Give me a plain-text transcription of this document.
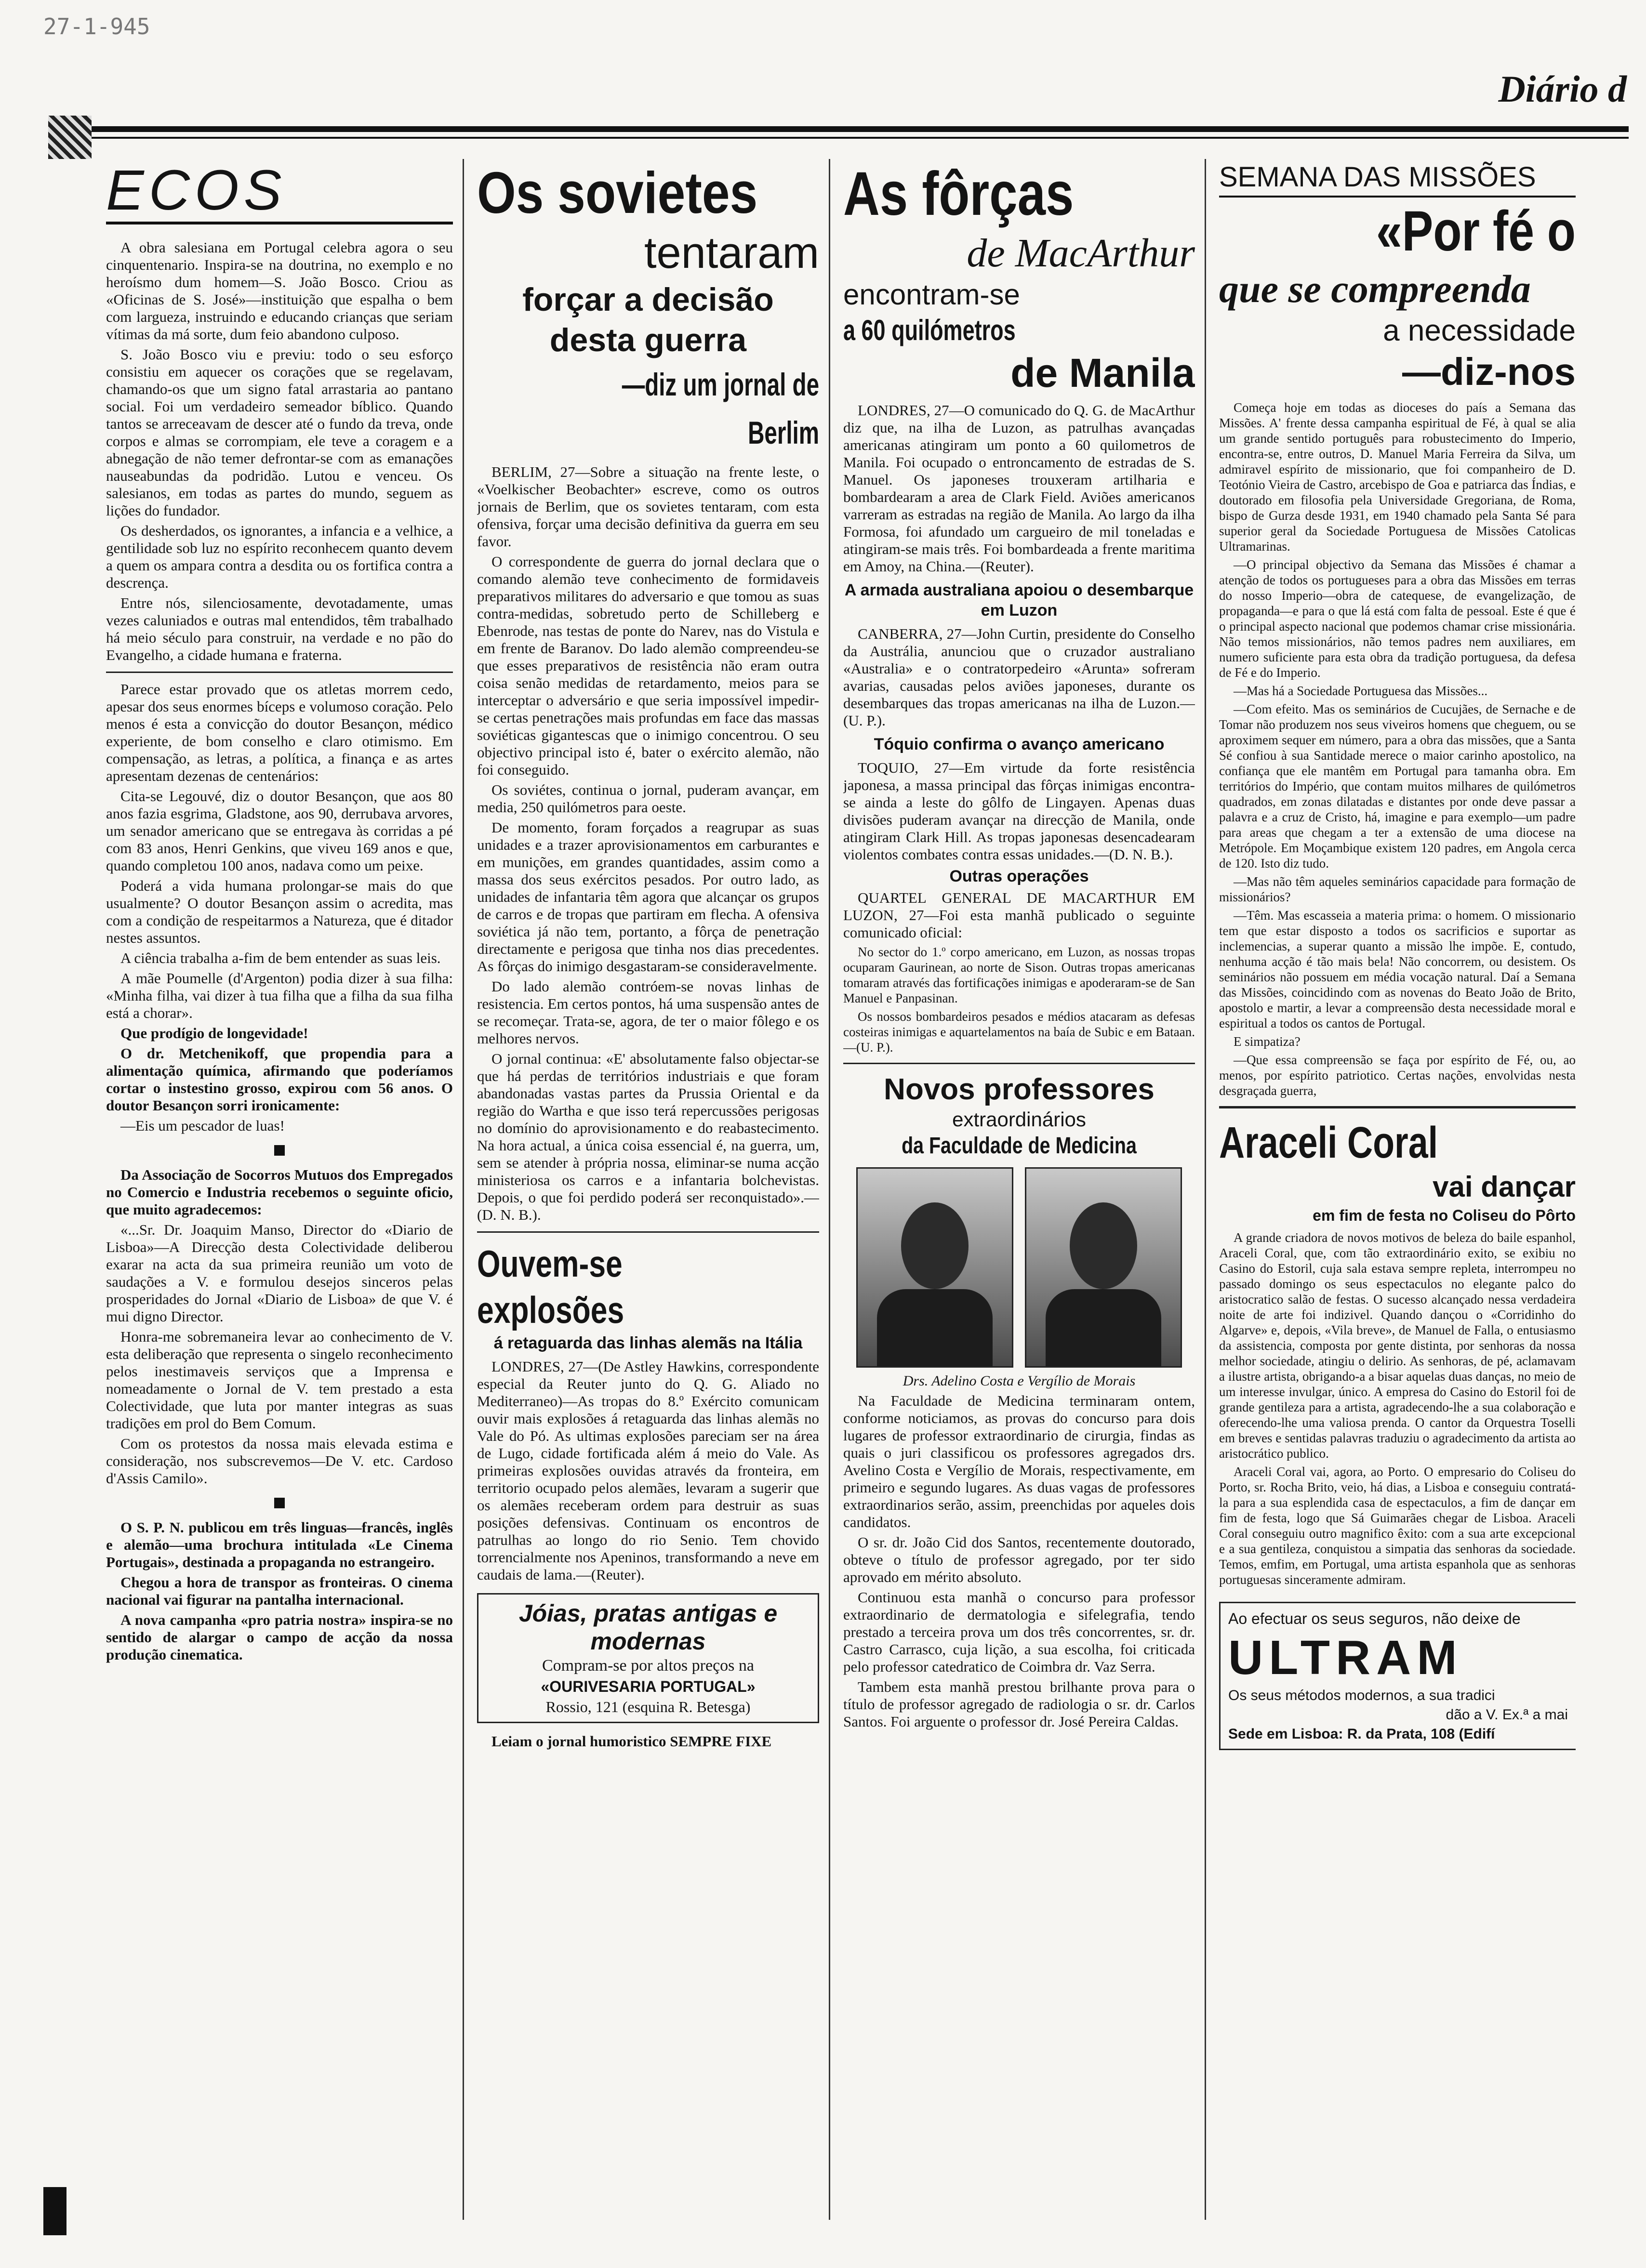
27-1-945
Diário d
ECOS

A obra salesiana em Portugal celebra agora o seu cinquentenario. Inspira-se na doutrina, no exemplo e no heroísmo dum homem—S. João Bosco. Criou as «Oficinas de S. José»—instituição que espalha o bem com largueza, instruindo e educando crianças que seriam vítimas da má sorte, dum feio abandono culposo.

S. João Bosco viu e previu: todo o seu esforço consistiu em aquecer os corações que se regelavam, chamando-os que um signo fatal arrastaria ao pantano social. Foi um verdadeiro semeador bíblico. Quando tantos se arreceavam de descer até o fundo da treva, onde corpos e almas se corrompiam, ele teve a coragem e a abnegação de não temer defrontar-se com as emanações nauseabundas da podridão. Lutou e venceu. Os salesianos, em todas as partes do mundo, seguem as lições do fundador.

Os desherdados, os ignorantes, a infancia e a velhice, a gentilidade sob luz no espírito reconhecem quanto devem a quem os ampara contra a desdita ou os fortifica contra a descrença.

Entre nós, silenciosamente, devotadamente, umas vezes caluniados e outras mal entendidos, têm trabalhado há meio século para construir, na verdade e no pão do Evangelho, a cidade humana e fraterna.

Parece estar provado que os atletas morrem cedo, apesar dos seus enormes bíceps e volumoso coração. Pelo menos é esta a convicção do doutor Besançon, médico experiente, de bom conselho e claro otimismo. Em compensação, as letras, a política, a finança e as artes apresentam dezenas de centenários:

Cita-se Legouvé, diz o doutor Besançon, que aos 80 anos fazia esgrima, Gladstone, aos 90, derrubava arvores, um senador americano que se entregava às corridas a pé com 83 anos, Henri Genkins, que viveu 169 anos e que, quando completou 100 anos, nadava como um peixe.

Poderá a vida humana prolongar-se mais do que usualmente? O doutor Besançon assim o acredita, mas com a condição de respeitarmos a Natureza, que é ditador nestes assuntos.

A ciência trabalha a-fim de bem entender as suas leis.

A mãe Poumelle (d'Argenton) podia dizer à sua filha: «Minha filha, vai dizer à tua filha que a filha da sua filha está a chorar».

Que prodígio de longevidade!

O dr. Metchenikoff, que propendia para a alimentação química, afirmando que poderíamos cortar o instestino grosso, expirou com 56 anos. O doutor Besançon sorri ironicamente:

—Eis um pescador de luas!

Da Associação de Socorros Mutuos dos Empregados no Comercio e Industria recebemos o seguinte oficio, que muito agradecemos:

«...Sr. Dr. Joaquim Manso, Director do «Diario de Lisboa»—A Direcção desta Colectividade deliberou exarar na acta da sua primeira reunião um voto de saudações a V. e formulou desejos sinceros pelas prosperidades do Jornal «Diario de Lisboa» de que V. é mui digno Director.

Honra-me sobremaneira levar ao conhecimento de V. esta deliberação que representa o singelo reconhecimento pelos inestimaveis serviços que a Imprensa e nomeadamente o Jornal de V. tem prestado a esta Colectividade, que luta por manter integras as suas tradições em prol do Bem Comum.

Com os protestos da nossa mais elevada estima e consideração, nos subscrevemos—De V. etc. Cardoso d'Assis Camilo».

O S. P. N. publicou em três linguas—francês, inglês e alemão—uma brochura intitulada «Le Cinema Portugais», destinada a propaganda no estrangeiro.

Chegou a hora de transpor as fronteiras. O cinema nacional vai figurar na pantalha internacional.

A nova campanha «pro patria nostra» inspira-se no sentido de alargar o campo de acção da nossa produção cinematica.

Os sovietes
tentaram
forçar a decisão
desta guerra
—diz um jornal de Berlim

BERLIM, 27—Sobre a situação na frente leste, o «Voelkischer Beobachter» escreve, como os outros jornais de Berlim, que os sovietes tentaram, com esta ofensiva, forçar uma decisão definitiva da guerra em seu favor.

O correspondente de guerra do jornal declara que o comando alemão teve conhecimento de formidaveis preparativos militares do adversario e que tomou as suas contra-medidas, sobretudo perto de Schilleberg e Ebenrode, nas testas de ponte do Narev, nas do Vistula e em frente de Baranov. Do lado alemão compreendeu-se que esses preparativos de resistência não eram outra coisa senão medidas de retardamento, meios para se interceptar o adversário e que seria impossível impedir-se certas penetrações mais profundas em face das massas soviéticas gigantescas que o inimigo concentrou. O seu objectivo principal isto é, bater o exército alemão, não foi conseguido.

Os soviétes, continua o jornal, puderam avançar, em media, 250 quilómetros para oeste.

De momento, foram forçados a reagrupar as suas unidades e a trazer aprovisionamentos em carburantes e em munições, em grandes quantidades, assim como a massa dos seus exércitos pesados. Por outro lado, as unidades de infantaria têm agora que alcançar os grupos de carros e de tropas que partiram em flecha. A ofensiva soviética já não tem, portanto, a fôrça de penetração directamente e perigosa que tinha nos dias precedentes. As fôrças do inimigo desgastaram-se consideravelmente.

Do lado alemão contróem-se novas linhas de resistencia. Em certos pontos, há uma suspensão antes de se recomeçar. Trata-se, agora, de ter o maior fôlego e os melhores nervos.

O jornal continua: «E' absolutamente falso objectar-se que há perdas de territórios industriais e que foram abandonadas vastas partes da Prussia Oriental e da região do Wartha e que isso terá repercussões perigosas no domínio do aprovisionamento e do reabastecimento. Na hora actual, a única coisa essencial é, na guerra, um, sem se atender à própria nossa, eliminar-se numa acção ministeriosa os carros e a infantaria bolchevistas. Depois, o que foi perdido poderá ser reconquistado».—(D. N. B.).

Ouvem-se explosões
á retaguarda das linhas alemãs na Itália

LONDRES, 27—(De Astley Hawkins, correspondente especial da Reuter junto do Q. G. Aliado no Mediterraneo)—As tropas do 8.º Exército comunicam ouvir mais explosões á retaguarda das linhas alemãs no Vale do Pó. As ultimas explosões pareciam ser na área de Lugo, cidade fortificada além á meio do Vale. As primeiras explosões ouvidas através da fronteira, em territorio ocupado pelos alemães, levaram a sugerir que os alemães receberam ordem para destruir as suas posições defensivas. Continuam os encontros de patrulhas ao longo do rio Senio. Tem chovido torrencialmente nos Apeninos, transformando a neve em caudais de lama.—(Reuter).

Jóias, pratas antigas e modernas
Compram-se por altos preços na
«OURIVESARIA PORTUGAL»
Rossio, 121 (esquina R. Betesga)

Leiam o jornal humoristico SEMPRE FIXE

As fôrças
de MacArthur
encontram-se
a 60 quilómetros
de Manila

LONDRES, 27—O comunicado do Q. G. de MacArthur diz que, na ilha de Luzon, as patrulhas avançadas americanas atingiram um ponto a 60 quilometros de Manila. Foi ocupado o entroncamento de estradas de S. Manuel. Os japoneses trouxeram artilharia e bombardearam a area de Clark Field. Aviões americanos varreram as estradas na região de Manila. Ao largo da ilha Formosa, foi afundado um cargueiro de mil toneladas e atingiram-se mais três. Foi bombardeada a frente maritima em Amoy, na China.—(Reuter).

A armada australiana apoiou o desembarque em Luzon

CANBERRA, 27—John Curtin, presidente do Conselho da Austrália, anunciou que o cruzador australiano «Australia» e o contratorpedeiro «Arunta» sofreram avarias, causadas pelos aviões japoneses, durante os desembarques das tropas americanas na ilha de Luzon.—(U. P.).

Tóquio confirma o avanço americano

TOQUIO, 27—Em virtude da forte resistência japonesa, a massa principal das fôrças inimigas encontra-se ainda a leste do gôlfo de Lingayen. Apenas duas divisões puderam avançar na direcção de Manila, onde atingiram Clark Hill. As tropas japonesas desencadearam violentos combates contra essas unidades.—(D. N. B.).

Outras operações

QUARTEL GENERAL DE MACARTHUR EM LUZON, 27—Foi esta manhã publicado o seguinte comunicado oficial:

No sector do 1.º corpo americano, em Luzon, as nossas tropas ocuparam Gaurinean, ao norte de Sison. Outras tropas americanas tomaram através das fortificações inimigas e apoderaram-se de San Manuel e Panpasinan.

Os nossos bombardeiros pesados e médios atacaram as defesas costeiras inimigas e aquartelamentos na baía de Subic e em Bataan.—(U. P.).

Novos professores
extraordinários
da Faculdade de Medicina
Drs. Adelino Costa e Vergílio de Morais

Na Faculdade de Medicina terminaram ontem, conforme noticiamos, as provas do concurso para dois lugares de professor extraordinario de cirurgia, findas as quais o juri classificou os professores agregados drs. Avelino Costa e Vergílio de Morais, respectivamente, em primeiro e segundo lugares. As duas vagas de professores extraordinarios serão, assim, preenchidas por aqueles dois candidatos.

O sr. dr. João Cid dos Santos, recentemente doutorado, obteve o título de professor agregado, por ter sido aprovado em mérito absoluto.

Continuou esta manhã o concurso para professor extraordinario de dermatologia e sifelegrafia, tendo prestado a terceira prova um dos três concorrentes, sr. dr. Castro Carrasco, cuja lição, a sua escolha, foi criticada pelo professor catedratico de Coimbra dr. Vaz Serra.

Tambem esta manhã prestou brilhante prova para o título de professor agregado de radiologia o sr. dr. Carlos Santos. Foi arguente o professor dr. José Pereira Caldas.

SEMANA DAS MISSÕES
«Por fé o
que se compreenda
a necessidade
—diz-nos

Começa hoje em todas as dioceses do país a Semana das Missões. A' frente dessa campanha espiritual de Fé, à qual se alia um grande sentido português para robustecimento do Imperio, encontra-se, entre outros, D. Manuel Maria Ferreira da Silva, um admiravel espírito de missionario, que foi companheiro de D. Teotónio Vieira de Castro, arcebispo de Goa e patriarca das Índias, e doutorado em filosofia pela Universidade Gregoriana, de Roma, bispo de Gurza desde 1931, em 1940 chamado pela Santa Sé para superior geral da Sociedade Portuguesa de Missões Catolicas Ultramarinas.

—O principal objectivo da Semana das Missões é chamar a atenção de todos os portugueses para a obra das Missões em terras do nosso Imperio—obra de catequese, de evangelização, de propaganda—e para o que lá está com falta de pessoal. Este é que é o principal aspecto nacional que podemos chamar crise missionária. Não temos missionários, não temos padres nem auxiliares, em numero suficiente para esta obra da tradição portuguesa, da defesa de Fé e do Imperio.

—Mas há a Sociedade Portuguesa das Missões...

—Com efeito. Mas os seminários de Cucujães, de Sernache e de Tomar não produzem nos seus viveiros homens que cheguem, ou se aproximem sequer em número, para a obra das missões, que a Santa Sé confiou à sua Santidade merece o maior carinho apostolico, na confiança que ele mantêm em Portugal para tamanha obra. Em territórios do Império, que contam muitos milhares de quilómetros quadrados, em zonas dilatadas e distantes por onde deve passar a palavra e a cruz de Cristo, há, imagine e para exemplo—um padre para areas que chegam a ter a extensão de uma diocese na Metrópole. Em Moçambique existem 120 padres, em Angola cerca de 120. Isto diz tudo.

—Mas não têm aqueles seminários capacidade para formação de missionários?

—Têm. Mas escasseia a materia prima: o homem. O missionario tem que estar disposto a todos os sacrificios e suportar as inclemencias, a superar quanto a missão lhe impõe. E, contudo, nenhuma acção é tão mais bela! Não concorrem, ou desistem. Os seminários não possuem em média vocação natural. Daí a Semana das Missões, coincidindo com as novenas do Beato João de Brito, apostolo e martir, a levar a compreensão desta necessidade moral e espiritual a todos os cantos de Portugal.

E simpatiza?

—Que essa compreensão se faça por espírito de Fé, ou, ao menos, por espírito patriotico. Certas nações, envolvidas nesta desgraçada guerra,

Araceli Coral
vai dançar
em fim de festa no Coliseu do Pôrto

A grande criadora de novos motivos de beleza do baile espanhol, Araceli Coral, que, com tão extraordinário exito, se exibiu no Casino do Estoril, cuja sala estava sempre repleta, interrompeu no passado domingo os seus espectaculos no elegante palco do aristocratico salão de festas. O sucesso alcançado nessa verdadeira noite de arte foi indizivel. Quando dançou o «Corridinho do Algarve» e, depois, «Vila breve», de Manuel de Falla, o entusiasmo da assistencia, composta por gente distinta, por senhoras da nossa melhor sociedade, atingiu o delirio. As senhoras, de pé, aclamavam a ilustre artista, obrigando-a a bisar aquelas duas danças, no meio de um interesse invulgar, único. A empresa do Casino do Estoril foi de grande gentileza para a artista, agradecendo-lhe a sua colaboração e oferecendo-lhe uma valiosa prenda. O cantor da Orquestra Toselli em breves e sentidas palavras traduziu o agradecimento da artista ao aristocrático publico.

Araceli Coral vai, agora, ao Porto. O empresario do Coliseu do Porto, sr. Rocha Brito, veio, há dias, a Lisboa e conseguiu contratá-la para a sua esplendida casa de espectaculos, a fim de dançar em fim de festa, logo que Sá Guimarães chegar de Lisboa. Araceli Coral conseguiu outro magnifico êxito: com a sua arte excepcional e a sua gentileza, conquistou a simpatia das senhoras da sociedade. Temos, emfim, em Portugal, uma artista espanhola que as senhoras portuguesas sinceramente admiram.

Ao efectuar os seus seguros, não deixe de
ULTRAM
Os seus métodos modernos, a sua tradici
dão a V. Ex.ª a mai
Sede em Lisboa: R. da Prata, 108 (Edifí
